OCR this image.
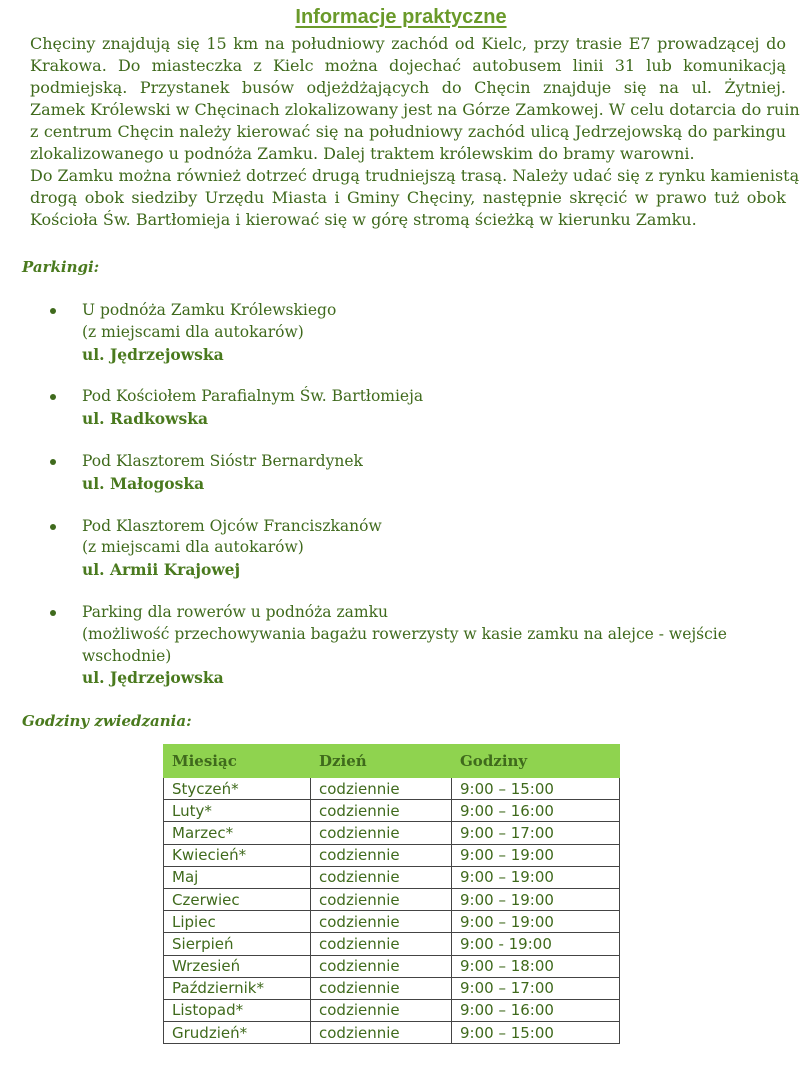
Informacje praktyczne
Chęciny znajdują się 15 km na południowy zachód od Kielc, przy trasie E7 prowadzącej do
Krakowa. Do miasteczka z Kielc można dojechać autobusem linii 31 lub komunikacją
podmiejską. Przystanek busów odjeżdżających do Chęcin znajduje się na ul. Żytniej.
Zamek Królewski w Chęcinach zlokalizowany jest na Górze Zamkowej. W celu dotarcia do ruin
z centrum Chęcin należy kierować się na południowy zachód ulicą Jedrzejowską do parkingu
zlokalizowanego u podnóża Zamku. Dalej traktem królewskim do bramy warowni.
Do Zamku można również dotrzeć drugą trudniejszą trasą. Należy udać się z rynku kamienistą
drogą obok siedziby Urzędu Miasta i Gminy Chęciny, następnie skręcić w prawo tuż obok
Kościoła Św. Bartłomieja i kierować się w górę stromą ścieżką w kierunku Zamku.
Parkingi:
U podnóża Zamku Królewskiego
(z miejscami dla autokarów)
ul. Jędrzejowska
Pod Kościołem Parafialnym Św. Bartłomieja
ul. Radkowska
Pod Klasztorem Sióstr Bernardynek
ul. Małogoska
Pod Klasztorem Ojców Franciszkanów
(z miejscami dla autokarów)
ul. Armii Krajowej
Parking dla rowerów u podnóża zamku
(możliwość przechowywania bagażu rowerzysty w kasie zamku na alejce - wejście
wschodnie)
ul. Jędrzejowska
Godziny zwiedzania:
Miesiąc	Dzień	Godziny
Styczeń*	codziennie	9:00 – 15:00
Luty*	codziennie	9:00 – 16:00
Marzec*	codziennie	9:00 – 17:00
Kwiecień*	codziennie	9:00 – 19:00
Maj	codziennie	9:00 – 19:00
Czerwiec	codziennie	9:00 – 19:00
Lipiec	codziennie	9:00 – 19:00
Sierpień	codziennie	9:00 - 19:00
Wrzesień	codziennie	9:00 – 18:00
Październik*	codziennie	9:00 – 17:00
Listopad*	codziennie	9:00 – 16:00
Grudzień*	codziennie	9:00 – 15:00
